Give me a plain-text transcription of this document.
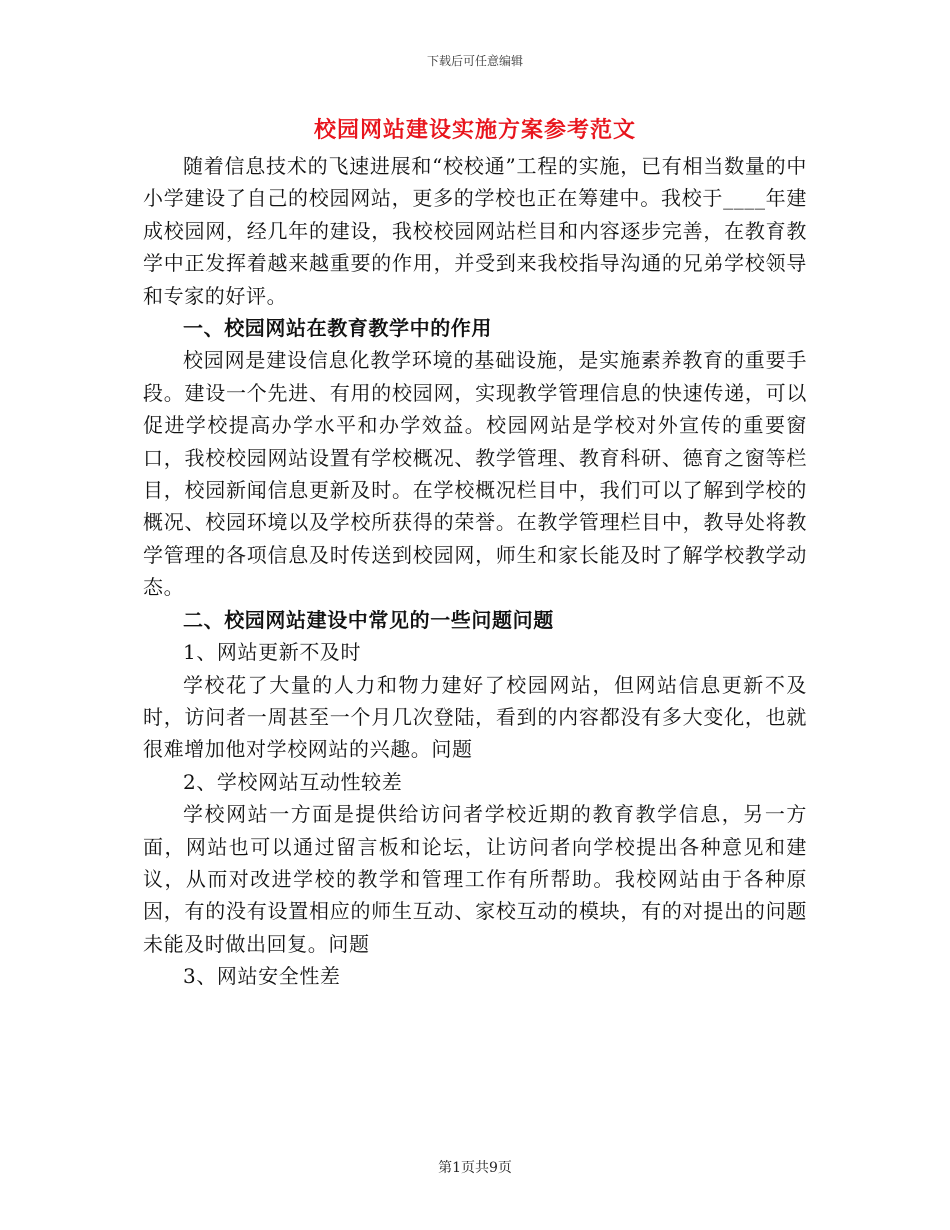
下载后可任意编辑
校园网站建设实施方案参考范文

随着信息技术的飞速进展和“校校通”工程的实施，已有相当数量的中小学建设了自己的校园网站，更多的学校也正在筹建中。我校于____年建成校园网，经几年的建设，我校校园网站栏目和内容逐步完善，在教育教学中正发挥着越来越重要的作用，并受到来我校指导沟通的兄弟学校领导和专家的好评。

一、校园网站在教育教学中的作用

校园网是建设信息化教学环境的基础设施，是实施素养教育的重要手段。建设一个先进、有用的校园网，实现教学管理信息的快速传递，可以促进学校提高办学水平和办学效益。校园网站是学校对外宣传的重要窗口，我校校园网站设置有学校概况、教学管理、教育科研、德育之窗等栏目，校园新闻信息更新及时。在学校概况栏目中，我们可以了解到学校的概况、校园环境以及学校所获得的荣誉。在教学管理栏目中，教导处将教学管理的各项信息及时传送到校园网，师生和家长能及时了解学校教学动态。

二、校园网站建设中常见的一些问题问题

1、网站更新不及时

学校花了大量的人力和物力建好了校园网站，但网站信息更新不及时，访问者一周甚至一个月几次登陆，看到的内容都没有多大变化，也就很难增加他对学校网站的兴趣。问题

2、学校网站互动性较差

学校网站一方面是提供给访问者学校近期的教育教学信息，另一方面，网站也可以通过留言板和论坛，让访问者向学校提出各种意见和建议，从而对改进学校的教学和管理工作有所帮助。我校网站由于各种原因，有的没有设置相应的师生互动、家校互动的模块，有的对提出的问题未能及时做出回复。问题

3、网站安全性差

第1页共9页
